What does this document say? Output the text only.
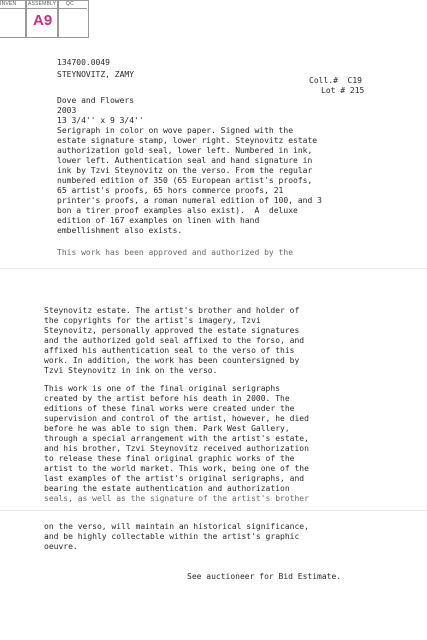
INVEN ASSEMBLY QC
A9
134700.0049
STEYNOVITZ, ZAMY
Coll.#  C19
Lot # 215
Dove and Flowers
2003
13 3/4'' x 9 3/4''
Serigraph in color on wove paper. Signed with the
estate signature stamp, lower right. Steynovitz estate
authorization gold seal, lower left. Numbered in ink,
lower left. Authentication seal and hand signature in
ink by Tzvi Steynovitz on the verso. From the regular
numbered edition of 350 (65 European artist's proofs,
65 artist's proofs, 65 hors commerce proofs, 21
printer's proofs, a roman numeral edition of 100, and 3
bon a tirer proof examples also exist).  A  deluxe
edition of 167 examples on linen with hand
embellishment also exists.
This work has been approved and authorized by the
Steynovitz estate. The artist's brother and holder of
the copyrights for the artist's imagery, Tzvi
Steynovitz, personally approved the estate signatures
and the authorized gold seal affixed to the forso, and
affixed his authentication seal to the verso of this
work. In addition, the work has been countersigned by
Tzvi Steynovitz in ink on the verso.
This work is one of the final original serigraphs
created by the artist before his death in 2000. The
editions of these final works were created under the
supervision and control of the artist, however, he died
before he was able to sign them. Park West Gallery,
through a special arrangement with the artist's estate,
and his brother, Tzvi Steynovitz received authorization
to release these final original graphic works of the
artist to the world market. This work, being one of the
last examples of the artist's original serigraphs, and
bearing the estate authentication and authorization
seals, as well as the signature of the artist's brother
on the verso, will maintain an historical significance,
and be highly collectable within the artist's graphic
oeuvre.
See auctioneer for Bid Estimate.
